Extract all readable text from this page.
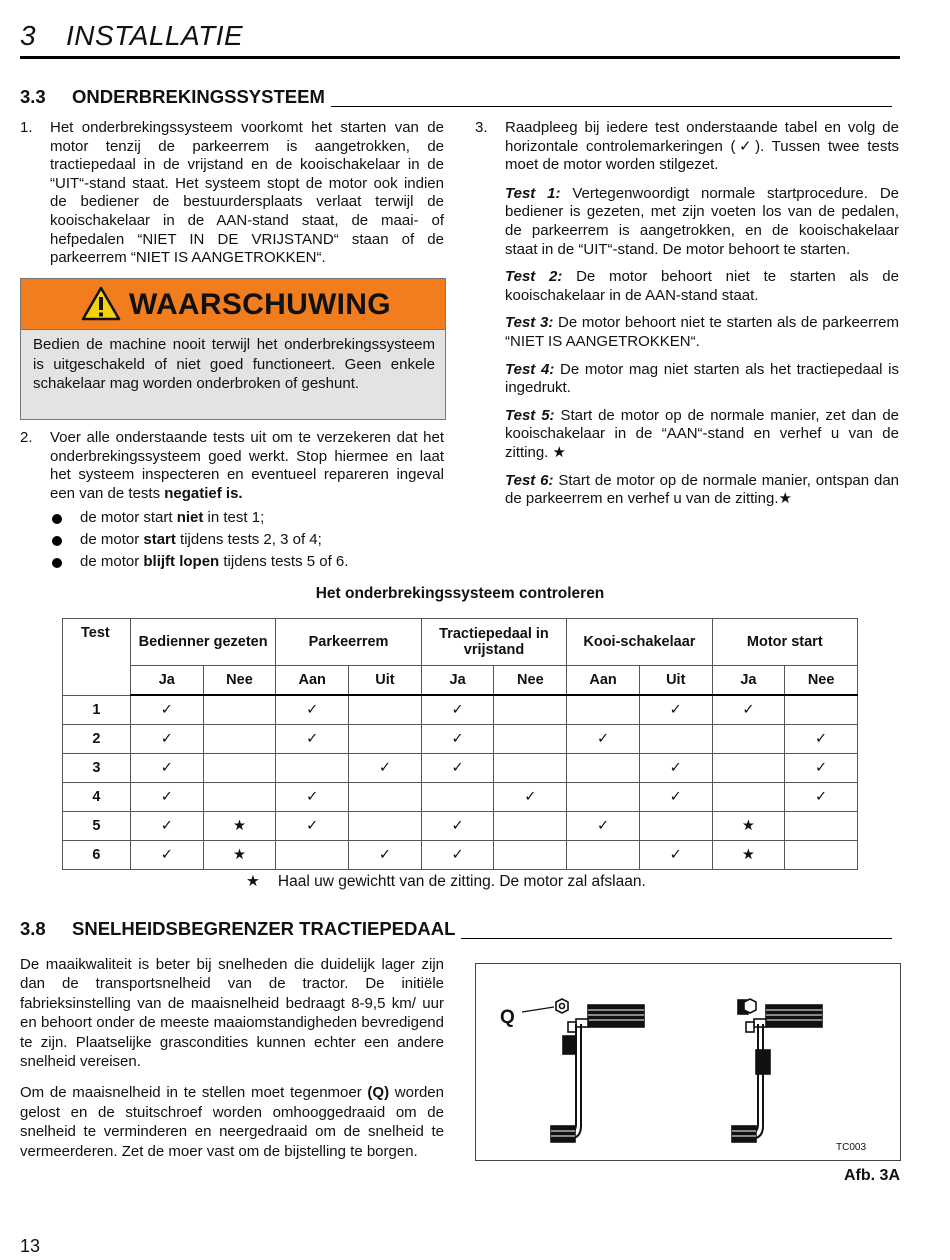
3 INSTALLATIE
3.3 ONDERBREKINGSSYSTEEM
1. Het onderbrekingssysteem voorkomt het starten van de motor tenzij de parkeerrem is aangetrokken, de tractiepedaal in de vrijstand en de kooischakelaar in de “UIT“-stand staat. Het systeem stopt de motor ook indien de bediener de bestuurdersplaats verlaat terwijl de kooischakelaar in de AAN-stand staat, de maai- of hefpedalen “NIET IN DE VRIJSTAND“ staan of de parkeerrem “NIET IS AANGETROKKEN“.
WAARSCHUWING
Bedien de machine nooit terwijl het onderbrekingssysteem is uitgeschakeld of niet goed functioneert. Geen enkele schakelaar mag worden onderbroken of geshunt.
2. Voer alle onderstaande tests uit om te verzekeren dat het onderbrekingssysteem goed werkt. Stop hiermee en laat het systeem inspecteren en eventueel repareren ingeval een van de tests negatief is.
de motor start niet in test 1;
de motor start tijdens tests 2, 3 of 4;
de motor blijft lopen tijdens tests 5 of 6.
3. Raadpleeg bij iedere test onderstaande tabel en volg de horizontale controlemarkeringen (✓). Tussen twee tests moet de motor worden stilgezet.
Test 1: Vertegenwoordigt normale startprocedure. De bediener is gezeten, met zijn voeten los van de pedalen, de parkeerrem is aangetrokken, en de kooischakelaar staat in de “UIT“-stand. De motor behoort te starten.
Test 2: De motor behoort niet te starten als de kooischakelaar in de AAN-stand staat.
Test 3: De motor behoort niet te starten als de parkeerrem “NIET IS AANGETROKKEN“.
Test 4: De motor mag niet starten als het tractiepedaal is ingedrukt.
Test 5: Start de motor op de normale manier, zet dan de kooischakelaar in de “AAN“-stand en verhef u van de zitting. ★
Test 6: Start de motor op de normale manier, ontspan dan de parkeerrem en verhef u van de zitting.★
Het onderbrekingssysteem controleren
Test	Bedienner gezeten		Parkeerrem		Tractiepedaal in vrijstand		Kooi-schakelaar		Motor start	
	Ja	Nee	Aan	Uit	Ja	Nee	Aan	Uit	Ja	Nee
1	✓		✓		✓			✓	✓	
2	✓		✓		✓		✓			✓
3	✓			✓	✓			✓		✓
4	✓		✓			✓		✓		✓
5	✓	★	✓		✓		✓		★	
6	✓	★		✓	✓			✓	★	
★ Haal uw gewichtt van de zitting. De motor zal afslaan.
3.8 SNELHEIDSBEGRENZER TRACTIEPEDAAL

De maaikwaliteit is beter bij snelheden die duidelijk lager zijn dan de transportsnelheid van de tractor. De initiële fabrieksinstelling van de maaisnelheid bedraagt 8-9,5 km/ uur en behoort onder de meeste maaiomstandigheden bevredigend te zijn. Plaatselijke grascondities kunnen echter een andere snelheid vereisen.

Om de maaisnelheid in te stellen moet tegenmoer (Q) worden gelost en de stuitschroef worden omhooggedraaid om de snelheid te verminderen en neergedraaid om de snelheid te vermeerderen. Zet de moer vast om de bijstelling te borgen.

Q
TC003
Afb. 3A
13
